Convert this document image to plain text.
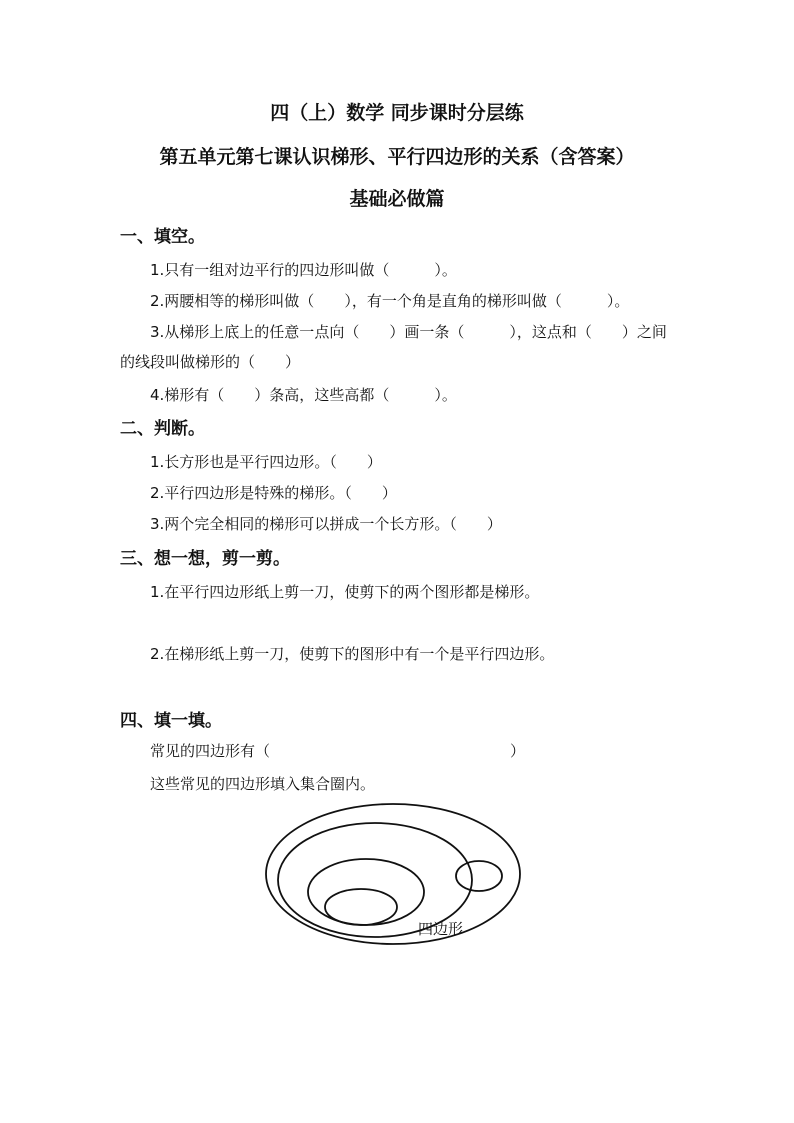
四（上）数学 同步课时分层练
第五单元第七课认识梯形、平行四边形的关系（含答案）
基础必做篇
一、填空。
1.只有一组对边平行的四边形叫做（　　　）。
2.两腰相等的梯形叫做（　　），有一个角是直角的梯形叫做（　　　）。
3.从梯形上底上的任意一点向（　　）画一条（　　　），这点和（　　）之间
的线段叫做梯形的（　　）
4.梯形有（　　）条高，这些高都（　　　）。
二、判断。
1.长方形也是平行四边形。（　　）
2.平行四边形是特殊的梯形。（　　）
3.两个完全相同的梯形可以拼成一个长方形。（　　）
三、想一想，剪一剪。
1.在平行四边形纸上剪一刀，使剪下的两个图形都是梯形。
2.在梯形纸上剪一刀，使剪下的图形中有一个是平行四边形。
四、填一填。
常见的四边形有（　　　　　　　　　　　　　　　　）
这些常见的四边形填入集合圈内。
四边形
